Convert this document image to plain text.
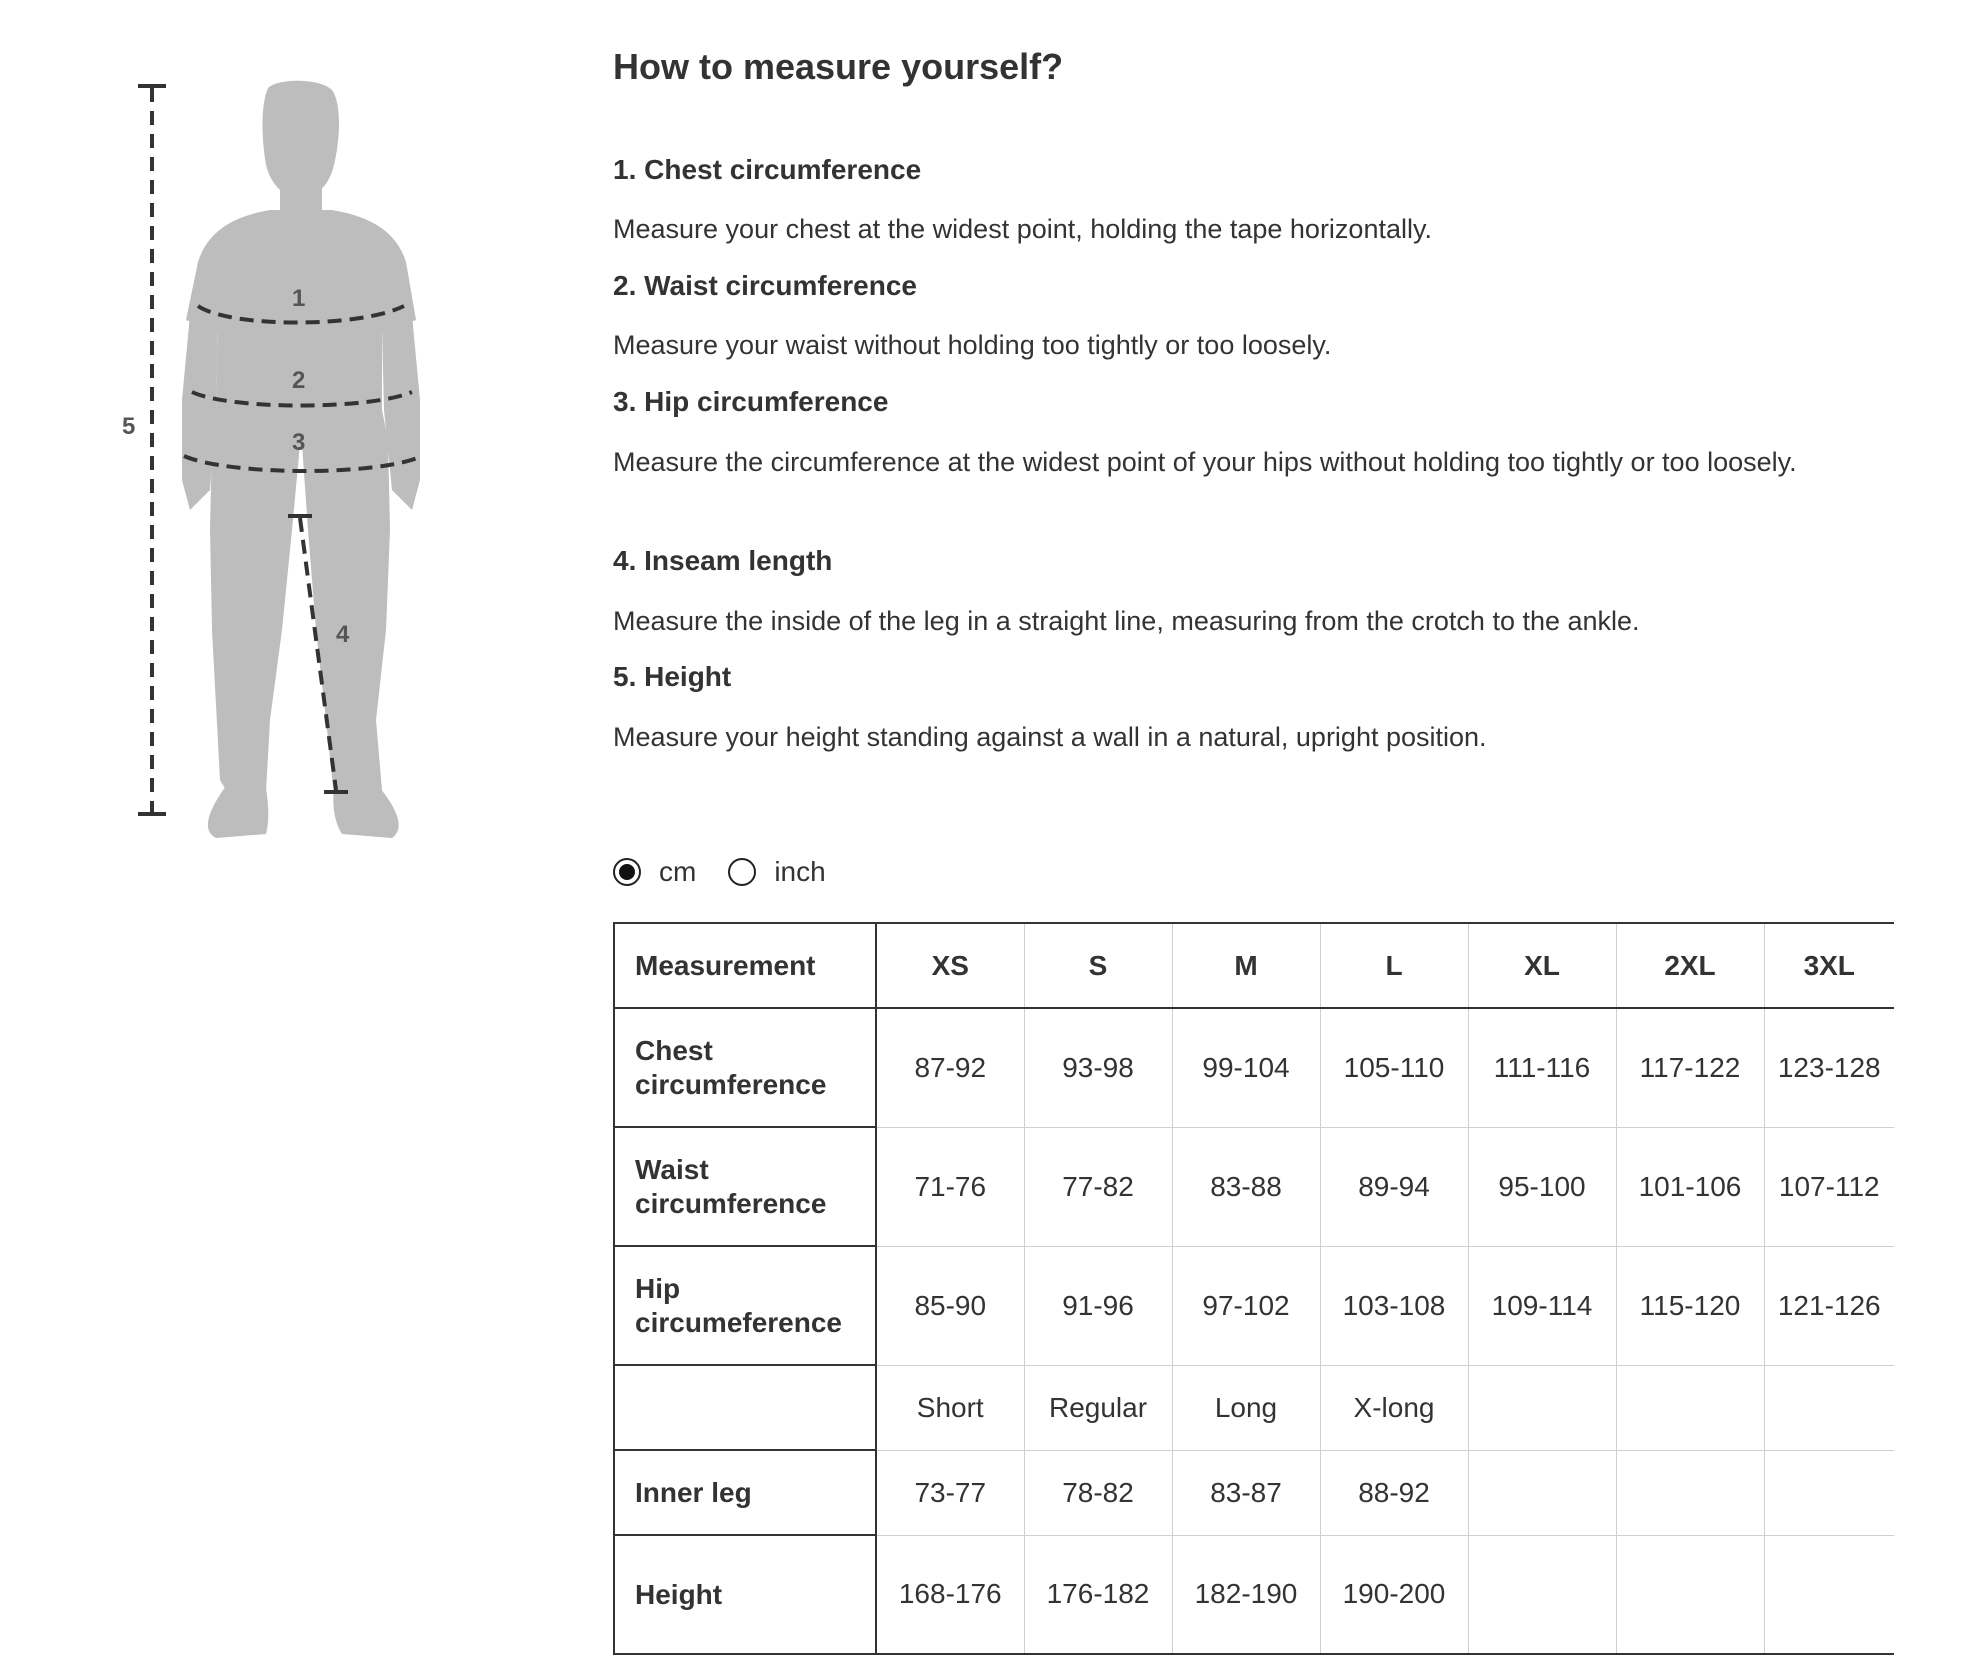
1
2
3
4
5
How to measure yourself?
1. Chest circumference
Measure your chest at the widest point, holding the tape horizontally.
2. Waist circumference
Measure your waist without holding too tightly or too loosely.
3. Hip circumference
Measure the circumference at the widest point of your hips without holding too tightly or too loosely.
4. Inseam length
Measure the inside of the leg in a straight line, measuring from the crotch to the ankle.
5. Height
Measure your height standing against a wall in a natural, upright position.
cm	inch
Measurement	XS	S	M	L	XL	2XL	3XL
Chest circumference	87-92	93-98	99-104	105-110	111-116	117-122	123-128
Waist circumference	71-76	77-82	83-88	89-94	95-100	101-106	107-112
Hip circumeference	85-90	91-96	97-102	103-108	109-114	115-120	121-126
	Short	Regular	Long	X-long			
Inner leg	73-77	78-82	83-87	88-92			
Height	168-176	176-182	182-190	190-200			
